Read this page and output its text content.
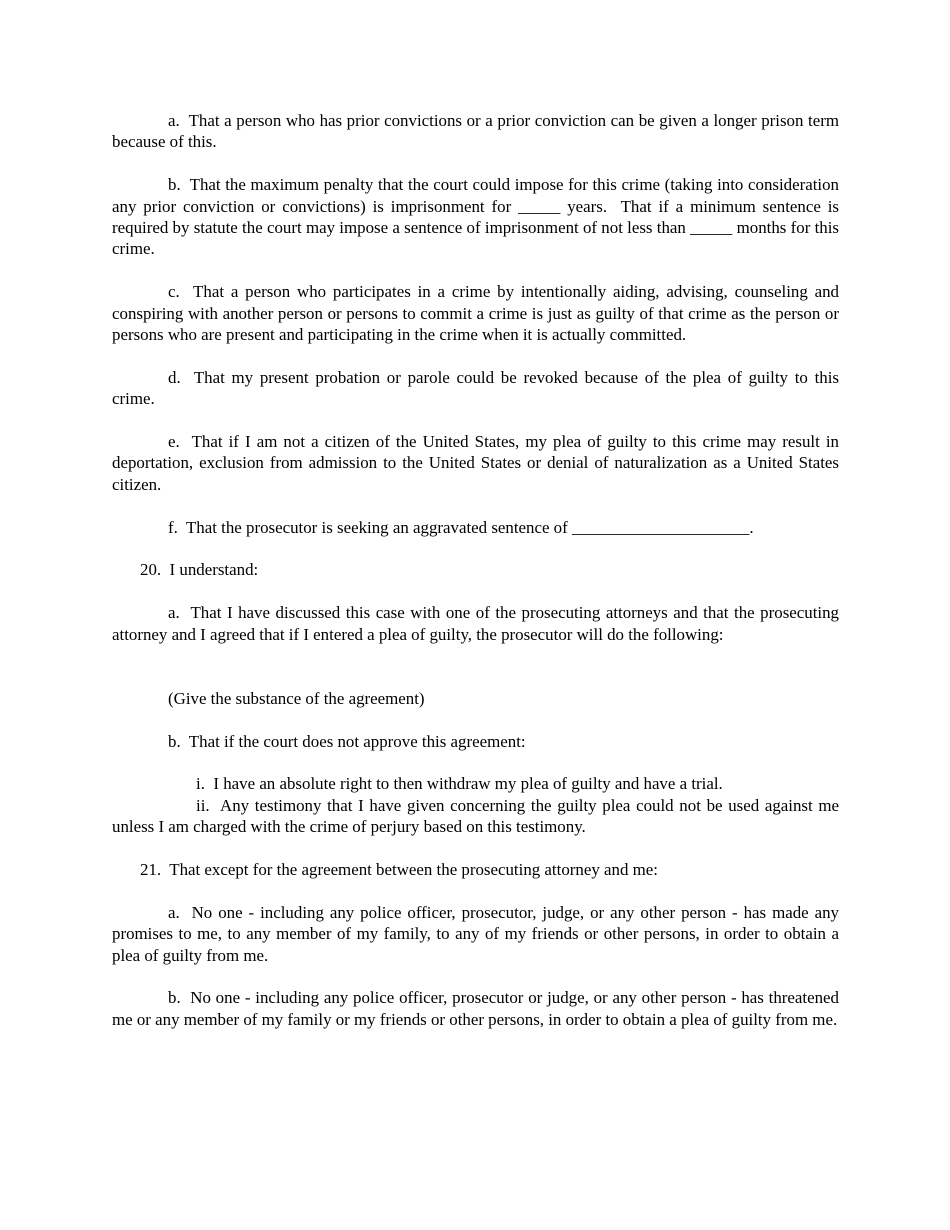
a.  That a person who has prior convictions or a prior conviction can be given a longer prison term because of this.

b.  That the maximum penalty that the court could impose for this crime (taking into consideration any prior conviction or convictions) is imprisonment for _____ years.  That if a minimum sentence is required by statute the court may impose a sentence of imprisonment of not less than _____ months for this crime.

c.  That a person who participates in a crime by intentionally aiding, advising, counseling and conspiring with another person or persons to commit a crime is just as guilty of that crime as the person or persons who are present and participating in the crime when it is actually committed.

d.  That my present probation or parole could be revoked because of the plea of guilty to this crime.

e.  That if I am not a citizen of the United States, my plea of guilty to this crime may result in deportation, exclusion from admission to the United States or denial of naturalization as a United States citizen.

f.  That the prosecutor is seeking an aggravated sentence of _____________________.

20.  I understand:

a.  That I have discussed this case with one of the prosecuting attorneys and that the prosecuting attorney and I agreed that if I entered a plea of guilty, the prosecutor will do the following:

(Give the substance of the agreement)

b.  That if the court does not approve this agreement:

i.  I have an absolute right to then withdraw my plea of guilty and have a trial.

ii.  Any testimony that I have given concerning the guilty plea could not be used against me unless I am charged with the crime of perjury based on this testimony.

21.  That except for the agreement between the prosecuting attorney and me:

a.  No one - including any police officer, prosecutor, judge, or any other person - has made any promises to me, to any member of my family, to any of my friends or other persons, in order to obtain a plea of guilty from me.

b.  No one - including any police officer, prosecutor or judge, or any other person - has threatened me or any member of my family or my friends or other persons, in order to obtain a plea of guilty from me.
